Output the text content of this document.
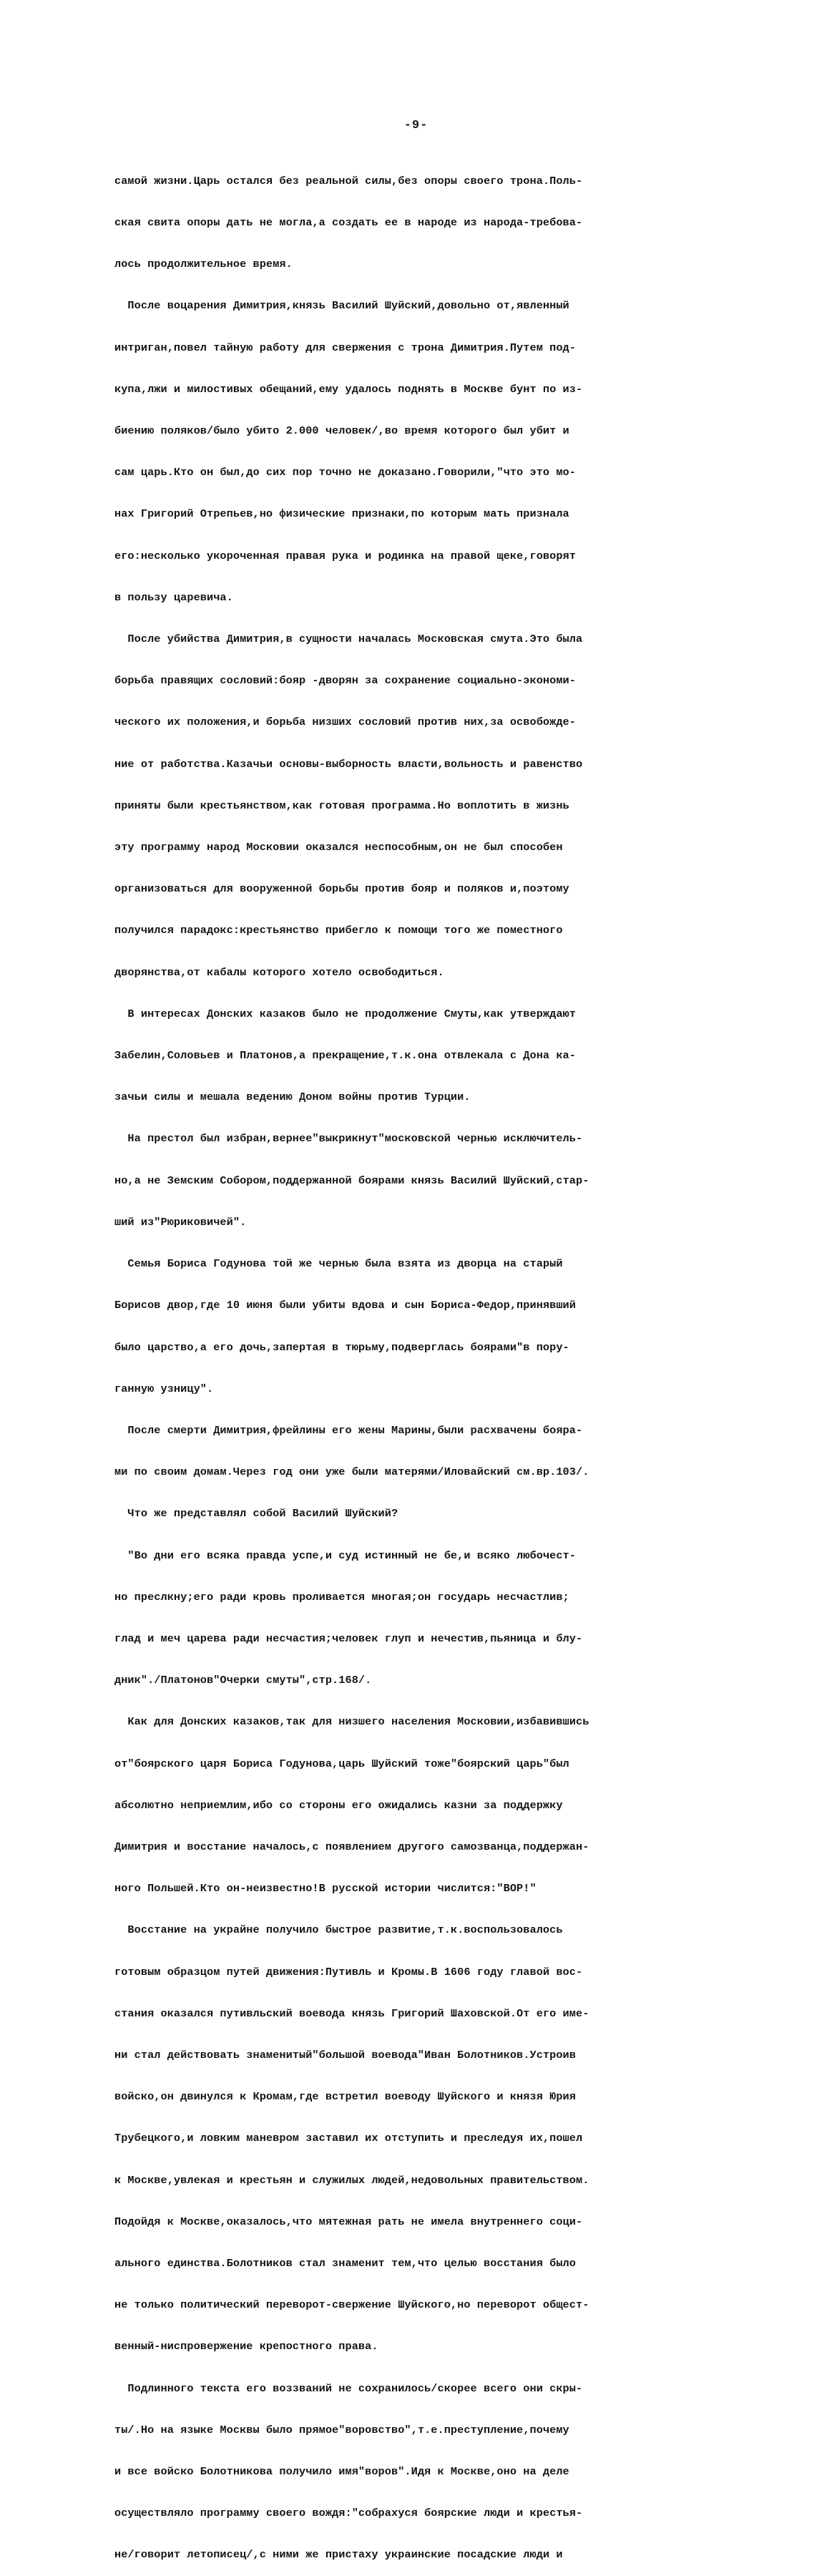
-9-

самой жизни.Царь остался без реальной силы,без опоры своего трона.Поль-

ская свита опоры дать не могла,а создать ее в народе из народа-требова-

лось продолжительное время.

После воцарения Димитрия,князь Василий Шуйский,довольно от,явленный

интриган,повел тайную работу для свержения с трона Димитрия.Путем под-

купа,лжи и милостивых обещаний,ему удалось поднять в Москве бунт по из-

биению поляков/было убито 2.000 человек/,во время которого был убит и

сам царь.Кто он был,до сих пор точно не доказано.Говорили,"что это мо-

нах Григорий Отрепьев,но физические признаки,по которым мать признала

его:несколько укороченная правая рука и родинка на правой щеке,говорят

в пользу царевича.

После убийства Димитрия,в сущности началась Московская смута.Это была

борьба правящих сословий:бояр -дворян за сохранение социально-экономи-

ческого их положения,и борьба низших сословий против них,за освобожде-

ние от работства.Казачьи основы-выборность власти,вольность и равенство

приняты были крестьянством,как готовая программа.Но воплотить в жизнь

эту программу народ Московии оказался неспособным,он не был способен

организоваться для вооруженной борьбы против бояр и поляков и,поэтому

получился парадокс:крестьянство прибегло к помощи того же поместного

дворянства,от кабалы которого хотело освободиться.

В интересах Донских казаков было не продолжение Смуты,как утверждают

Забелин,Соловьев и Платонов,а прекращение,т.к.она отвлекала с Дона ка-

зачьи силы и мешала ведению Доном войны против Турции.

На престол был избран,вернее"выкрикнут"московской чернью исключитель-

но,а не Земским Собором,поддержанной боярами князь Василий Шуйский,стар-

ший из"Рюриковичей".

Семья Бориса Годунова той же чернью была взята из дворца на старый

Борисов двор,где 10 июня были убиты вдова и сын Бориса-Федор,принявший

было царство,а его дочь,запертая в тюрьму,подверглась боярами"в пору-

ганную узницу".

После смерти Димитрия,фрейлины его жены Марины,были расхвачены бояра-

ми по своим домам.Через год они уже были матерями/Иловайский см.вр.103/.

Что же представлял собой Василий Шуйский?

"Во дни его всяка правда успе,и суд истинный не бе,и всяко любочест-

но преслкну;его ради кровь проливается многая;он государь несчастлив;

глад и меч царева ради несчастия;человек глуп и нечестив,пьяница и блу-

дник"./Платонов"Очерки смуты",стр.168/.

Как для Донских казаков,так для низшего населения Московии,избавившись

от"боярского царя Бориса Годунова,царь Шуйский тоже"боярский царь"был

абсолютно неприемлим,ибо со стороны его ожидались казни за поддержку

Димитрия и восстание началось,с появлением другого самозванца,поддержан-

ного Польшей.Кто он-неизвестно!В русской истории числится:"ВОР!"

Восстание на украйне получило быстрое развитие,т.к.воспользовалось

готовым образцом путей движения:Путивль и Кромы.В 1606 году главой вос-

стания оказался путивльский воевода князь Григорий Шаховской.От его име-

ни стал действовать знаменитый"большой воевода"Иван Болотников.Устроив

войско,он двинулся к Кромам,где встретил воеводу Шуйского и князя Юрия

Трубецкого,и ловким маневром заставил их отступить и преследуя их,пошел

к Москве,увлекая и крестьян и служилых людей,недовольных правительством.

Подойдя к Москве,оказалось,что мятежная рать не имела внутреннего соци-

ального единства.Болотников стал знаменит тем,что целью восстания было

не только политический переворот-свержение Шуйского,но переворот общест-

венный-ниспровержение крепостного права.

Подлинного текста его воззваний не сохранилось/скорее всего они скры-

ты/.Но на языке Москвы было прямое"воровство",т.е.преступление,почему

и все войско Болотникова получило имя"воров".Идя к Москве,оно на деле

осуществляло программу своего вождя:"собрахуся боярские люди и крестья-

не/говорит летописец/,с ними же пристаху украинские посадские люди и
